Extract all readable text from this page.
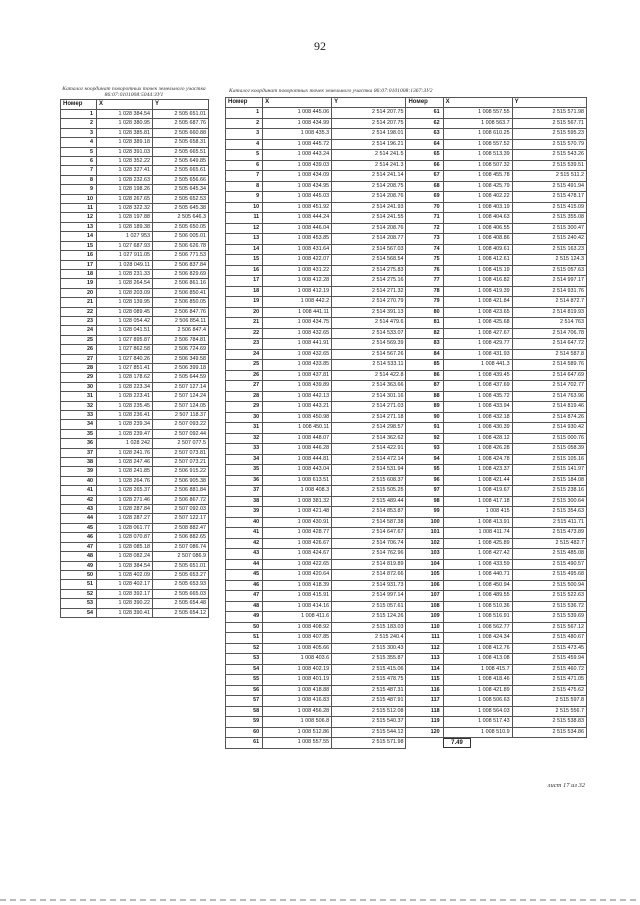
92
Каталог координат поворотных точек земельного участка 86:07:0101008:5044:ЗУ1
Номер	X	Y
1	1 028 384.54	2 505 651.01
2	1 028 380.95	2 505 687.76
3	1 028 385.81	2 505 660.88
4	1 028 389.18	2 505 658.31
5	1 028 391.03	2 505 665.51
6	1 028 352.22	2 505 649.85
7	1 028 327.41	2 505 665.61
8	1 028 232.63	2 505 656.66
9	1 028 198.26	2 505 645.34
10	1 028 267.65	2 505 652.53
11	1 028 322.32	2 505 645.38
12	1 028 197.88	2 505 646.3
13	1 028 189.38	2 505 650.05
14	1 027 953	2 506 005.01
15	1 027 687.93	2 506 626.78
16	1 027 911.05	2 506 771.53
17	1 028 049.11	2 506 837.84
18	1 028 231.33	2 506 829.69
19	1 028 264.54	2 506 861.16
20	1 028 203.09	2 506 850.41
21	1 028 139.95	2 506 850.05
22	1 028 089.45	2 506 847.76
23	1 028 054.42	2 506 854.11
24	1 028 041.51	2 506 847.4
25	1 027 895.87	2 506 784.81
26	1 027 862.58	2 506 724.69
27	1 027 840.26	2 506 349.58
28	1 027 851.41	2 506 399.18
29	1 028 178.62	2 505 644.59
30	1 028 223.34	2 507 127.14
31	1 028 223.41	2 507 124.24
32	1 028 235.45	2 507 124.05
33	1 028 236.41	2 507 118.37
34	1 028 239.34	2 507 093.22
35	1 028 239.47	2 507 092.44
36	1 028 242	2 507 077.5
37	1 028 241.76	2 507 073.81
38	1 028 247.46	2 507 073.21
39	1 028 241.85	2 506 915.22
40	1 028 264.76	2 506 905.38
41	1 028 265.37	2 506 881.84
42	1 028 271.46	2 506 867.72
43	1 028 287.84	2 507 092.03
44	1 028 287.27	2 507 122.17
45	1 028 061.77	2 508 882.47
46	1 028 070.87	2 506 882.65
47	1 028 085.18	2 507 086.74
48	1 028 082.24	2 507 086.9
49	1 028 384.54	2 505 651.01
50	1 028 402.09	2 505 653.27
51	1 028 402.17	2 505 653.93
52	1 028 392.17	2 505 665.03
53	1 028 390.22	2 505 654.48
54	1 028 390.41	2 505 654.12
Каталог координат поворотных точек земельного участка 86:07:0101008:1367:ЗУ2
Номер	X	Y	Номер	X	Y
1	1 008 445.06	2 514 207.75	61	1 008 557.55	2 515 571.98
2	1 008 434.99	2 514 207.75	62	1 008 563.7	2 515 567.71
3	1 008 435.3	2 514 198.01	63	1 008 610.25	2 515 595.23
4	1 008 445.72	2 514 196.21	64	1 008 557.52	2 515 570.79
5	1 008 443.24	2 514 241.5	65	1 008 513.39	2 515 543.26
6	1 008 439.03	2 514 241.3	66	1 008 507.32	2 515 539.51
7	1 008 434.09	2 514 241.14	67	1 008 455.78	2 515 511.2
8	1 008 434.95	2 514 208.75	68	1 008 425.79	2 515 491.94
9	1 008 445.03	2 514 208.76	69	1 008 402.22	2 515 478.17
10	1 008 451.92	2 514 241.93	70	1 008 403.19	2 515 415.09
11	1 008 444.24	2 514 241.55	71	1 008 404.63	2 515 355.08
12	1 008 446.04	2 514 208.76	72	1 008 406.55	2 515 300.47
13	1 008 453.85	2 514 208.77	73	1 008 408.86	2 515 240.42
14	1 008 431.64	2 514 567.03	74	1 008 409.61	2 515 163.23
15	1 008 422.07	2 514 568.54	75	1 008 412.61	2 515 124.3
16	1 008 431.22	2 514 275.83	76	1 008 415.19	2 515 057.63
17	1 008 412.28	2 514 275.16	77	1 008 416.82	2 514 997.17
18	1 008 412.19	2 514 271.32	78	1 008 419.39	2 514 931.76
19	1 008 442.2	2 514 270.79	79	1 008 421.84	2 514 872.7
20	1 008 441.11	2 514 391.13	80	1 008 423.65	2 514 819.93
21	1 008 434.75	2 514 479.6	81	1 008 425.68	2 514 763
22	1 008 432.65	2 514 533.07	82	1 008 427.67	2 514 706.78
23	1 008 441.91	2 514 569.39	83	1 008 429.77	2 514 647.72
24	1 008 432.65	2 514 567.26	84	1 008 431.93	2 514 587.8
25	1 008 433.85	2 514 533.11	85	1 008 441.3	2 514 589.76
26	1 008 437.81	2 514 422.8	86	1 008 439.45	2 514 647.69
27	1 008 439.89	2 514 363.66	87	1 008 437.69	2 514 702.77
28	1 008 442.13	2 514 301.16	88	1 008 435.72	2 514 763.96
29	1 008 443.21	2 514 271.03	89	1 008 433.94	2 514 819.46
30	1 008 450.98	2 514 271.18	90	1 008 432.18	2 514 874.26
31	1 008 450.11	2 514 298.57	91	1 008 430.39	2 514 930.42
32	1 008 448.07	2 514 362.62	92	1 008 428.12	2 515 000.76
33	1 008 446.28	2 514 422.91	93	1 008 426.28	2 515 058.39
34	1 008 444.81	2 514 472.14	94	1 008 424.78	2 515 105.16
35	1 008 443.04	2 514 531.94	95	1 008 423.37	2 515 141.97
36	1 008 613.51	2 515 608.37	96	1 008 421.44	2 515 184.08
37	1 008 408.3	2 515 505.25	97	1 008 419.67	2 515 238.16
38	1 008 381.32	2 515 489.44	98	1 008 417.18	2 515 300.64
39	1 008 421.48	2 514 853.87	99	1 008 415	2 515 354.63
40	1 008 430.91	2 514 587.38	100	1 008 413.91	2 515 411.71
41	1 008 428.77	2 514 647.67	101	1 008 411.74	2 515 473.89
42	1 008 426.67	2 514 706.74	102	1 008 425.89	2 515 482.7
43	1 008 424.67	2 514 762.96	103	1 008 427.42	2 515 485.08
44	1 008 422.65	2 514 819.89	104	1 008 433.59	2 515 490.57
45	1 008 420.64	2 514 872.66	105	1 008 440.71	2 515 495.68
46	1 008 418.39	2 514 931.73	106	1 008 450.94	2 515 500.94
47	1 008 415.91	2 514 997.14	107	1 008 489.55	2 515 522.63
48	1 008 414.16	2 515 057.61	108	1 008 510.36	2 515 536.72
49	1 008 411.6	2 515 124.26	109	1 008 516.91	2 515 539.69
50	1 008 408.92	2 515 183.03	110	1 008 562.77	2 515 567.12
51	1 008 407.85	2 515 240.4	111	1 008 424.34	2 515 480.67
52	1 008 405.66	2 515 300.43	112	1 008 412.76	2 515 473.45
53	1 008 403.6	2 515 355.87	113	1 008 413.08	2 515 459.94
54	1 008 402.19	2 515 415.06	114	1 008 415.7	2 515 460.72
55	1 008 401.19	2 515 478.75	115	1 008 418.46	2 515 471.05
56	1 008 418.88	2 515 487.31	116	1 008 421.89	2 515 475.62
57	1 008 416.83	2 515 487.91	117	1 008 506.63	2 515 597.8
58	1 008 456.28	2 515 512.08	118	1 008 564.03	2 515 556.7
59	1 008 506.8	2 515 540.37	119	1 008 517.43	2 515 538.83
60	1 008 512.86	2 515 544.12	120	1 008 510.9	2 515 534.86
61	1 008 557.55	2 515 571.98		7.49	
лист 17 из 32
